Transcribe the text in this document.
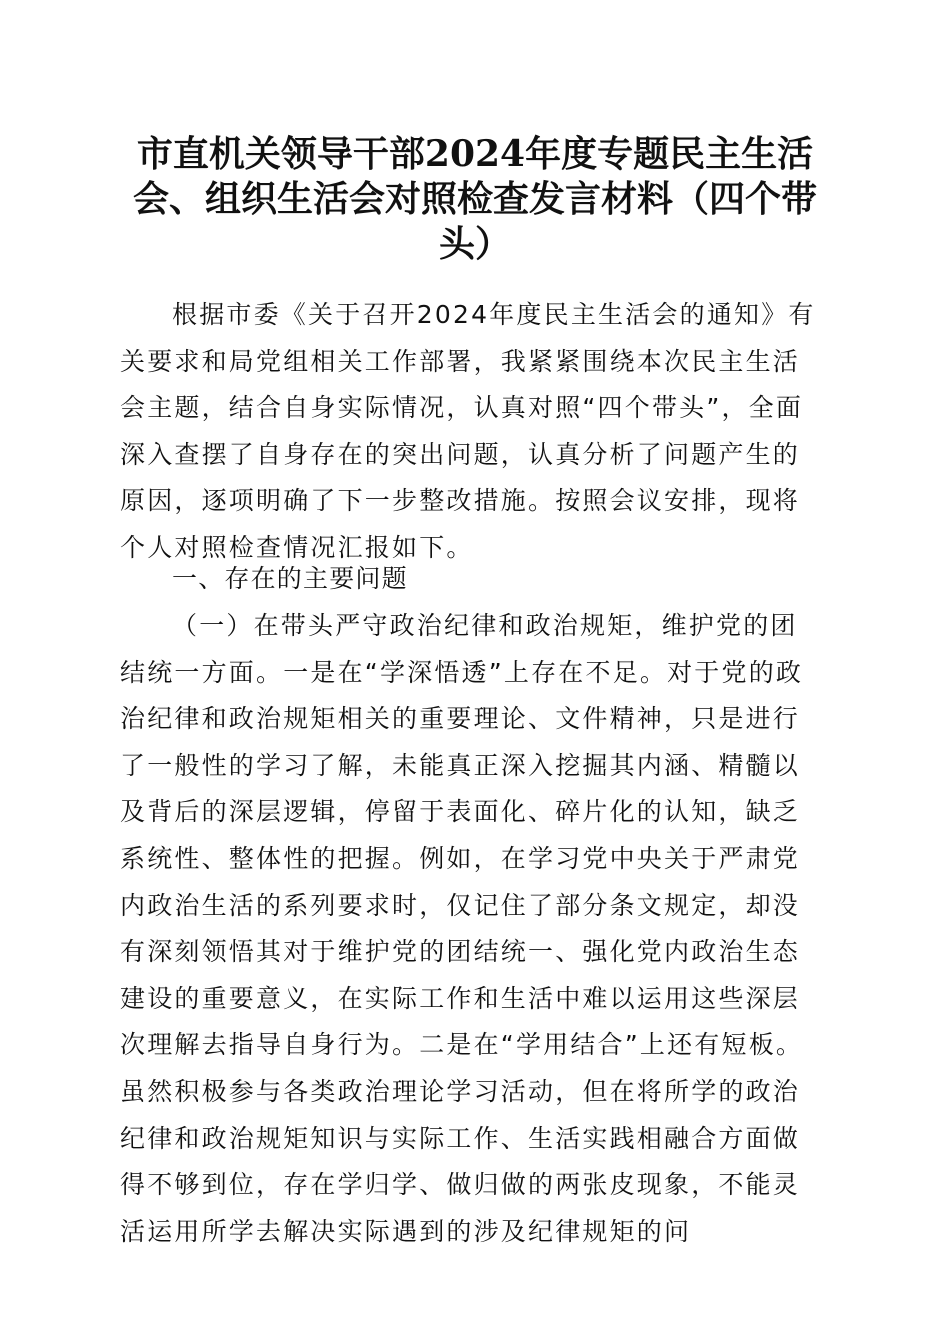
市直机关领导干部2024年度专题民主生活会、组织生活会对照检查发言材料（四个带头）

根据市委《关于召开2024年度民主生活会的通知》有关要求和局党组相关工作部署，我紧紧围绕本次民主生活会主题，结合自身实际情况，认真对照“四个带头”，全面深入查摆了自身存在的突出问题，认真分析了问题产生的原因，逐项明确了下一步整改措施。按照会议安排，现将个人对照检查情况汇报如下。

一、存在的主要问题

（一）在带头严守政治纪律和政治规矩，维护党的团结统一方面。一是在“学深悟透”上存在不足。对于党的政治纪律和政治规矩相关的重要理论、文件精神，只是进行了一般性的学习了解，未能真正深入挖掘其内涵、精髓以及背后的深层逻辑，停留于表面化、碎片化的认知，缺乏系统性、整体性的把握。例如，在学习党中央关于严肃党内政治生活的系列要求时，仅记住了部分条文规定，却没有深刻领悟其对于维护党的团结统一、强化党内政治生态建设的重要意义，在实际工作和生活中难以运用这些深层次理解去指导自身行为。二是在“学用结合”上还有短板。虽然积极参与各类政治理论学习活动，但在将所学的政治纪律和政治规矩知识与实际工作、生活实践相融合方面做得不够到位，存在学归学、做归做的两张皮现象，不能灵活运用所学去解决实际遇到的涉及纪律规矩的问
